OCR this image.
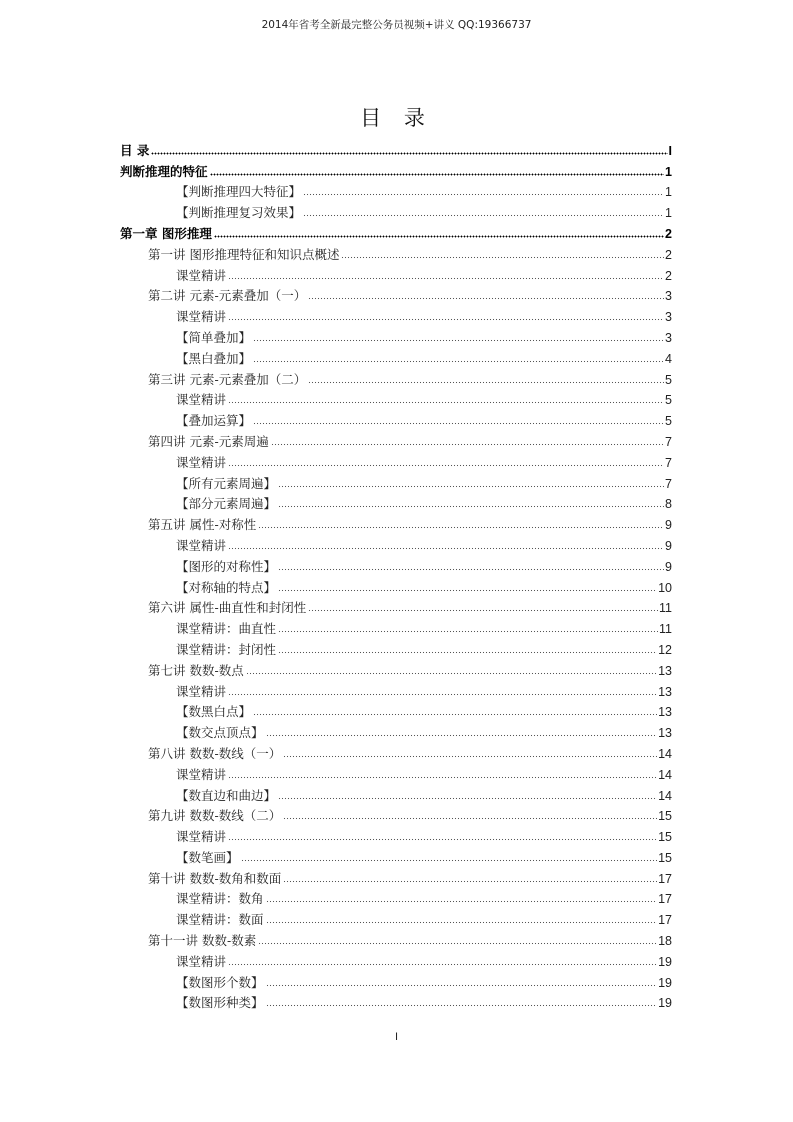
2014年省考全新最完整公务员视频+讲义 QQ:19366737
目 录
目 录	I
判断推理的特征	1
【判断推理四大特征】	1
【判断推理复习效果】	1
第一章 图形推理	2
第一讲 图形推理特征和知识点概述	2
课堂精讲	2
第二讲 元素-元素叠加（一）	3
课堂精讲	3
【简单叠加】	3
【黑白叠加】	4
第三讲 元素-元素叠加（二）	5
课堂精讲	5
【叠加运算】	5
第四讲 元素-元素周遍	7
课堂精讲	7
【所有元素周遍】	7
【部分元素周遍】	8
第五讲 属性-对称性	9
课堂精讲	9
【图形的对称性】	9
【对称轴的特点】	10
第六讲 属性-曲直性和封闭性	11
课堂精讲：曲直性	11
课堂精讲：封闭性	12
第七讲 数数-数点	13
课堂精讲	13
【数黑白点】	13
【数交点顶点】	13
第八讲 数数-数线（一）	14
课堂精讲	14
【数直边和曲边】	14
第九讲 数数-数线（二）	15
课堂精讲	15
【数笔画】	15
第十讲 数数-数角和数面	17
课堂精讲：数角	17
课堂精讲：数面	17
第十一讲 数数-数素	18
课堂精讲	19
【数图形个数】	19
【数图形种类】	19
I
